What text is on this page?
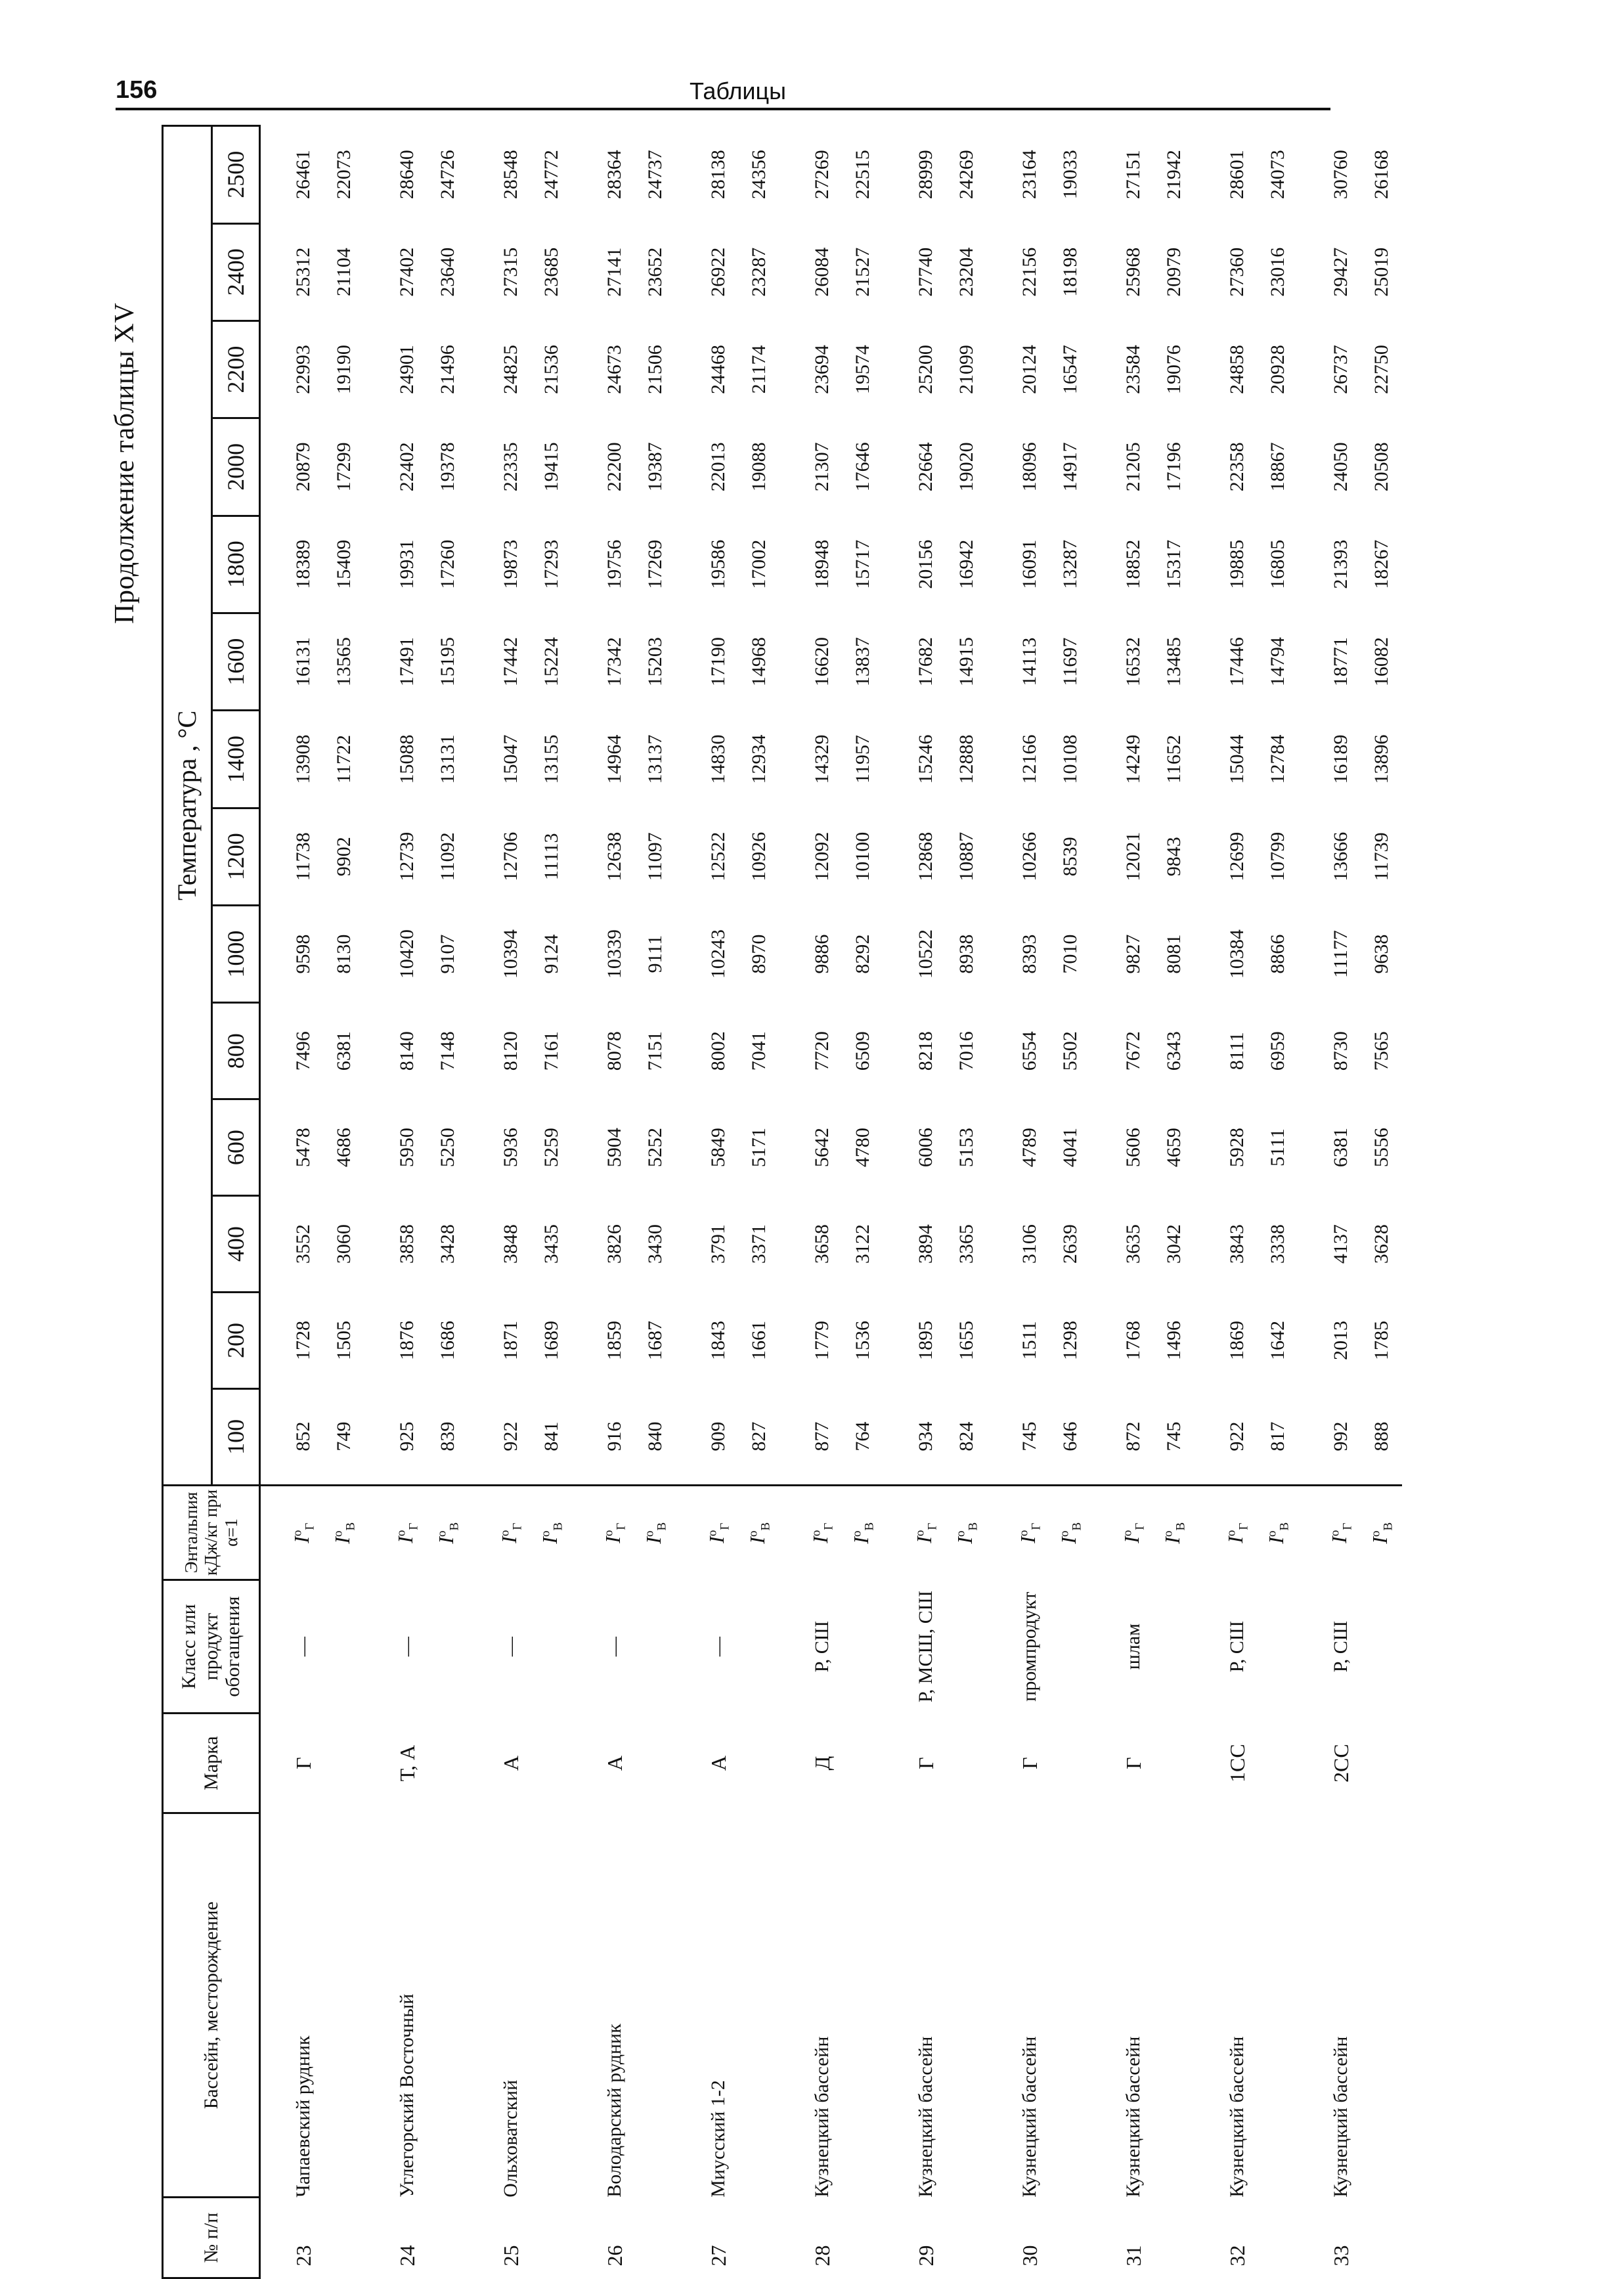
156	Таблицы
Продолжение таблицы XV
№ п/п	Бассейн, месторождение	Марка	Класс или продукт обогащения	Энтальпия кДж/кг при α=1	Температура , °C													
					100	200	400	600	800	1000	1200	1400	1600	1800	2000	2200	2400	2500
23	Чапаевский рудник	Г	—	$I^о_Г$	852	1728	3552	5478	7496	9598	11738	13908	16131	18389	20879	22993	25312	26461
				$I^о_В$	749	1505	3060	4686	6381	8130	9902	11722	13565	15409	17299	19190	21104	22073
24	Углегорский Восточный	Т, А	—	$I^о_Г$	925	1876	3858	5950	8140	10420	12739	15088	17491	19931	22402	24901	27402	28640
				$I^о_В$	839	1686	3428	5250	7148	9107	11092	13131	15195	17260	19378	21496	23640	24726
25	Ольховатский	А	—	$I^о_Г$	922	1871	3848	5936	8120	10394	12706	15047	17442	19873	22335	24825	27315	28548
				$I^о_В$	841	1689	3435	5259	7161	9124	11113	13155	15224	17293	19415	21536	23685	24772
26	Володарский рудник	А	—	$I^о_Г$	916	1859	3826	5904	8078	10339	12638	14964	17342	19756	22200	24673	27141	28364
				$I^о_В$	840	1687	3430	5252	7151	9111	11097	13137	15203	17269	19387	21506	23652	24737
27	Миусский 1-2	А	—	$I^о_Г$	909	1843	3791	5849	8002	10243	12522	14830	17190	19586	22013	24468	26922	28138
				$I^о_В$	827	1661	3371	5171	7041	8970	10926	12934	14968	17002	19088	21174	23287	24356
28	Кузнецкий бассейн	Д	Р, СШ	$I^о_Г$	877	1779	3658	5642	7720	9886	12092	14329	16620	18948	21307	23694	26084	27269
				$I^о_В$	764	1536	3122	4780	6509	8292	10100	11957	13837	15717	17646	19574	21527	22515
29	Кузнецкий бассейн	Г	Р, МСШ, СШ	$I^о_Г$	934	1895	3894	6006	8218	10522	12868	15246	17682	20156	22664	25200	27740	28999
				$I^о_В$	824	1655	3365	5153	7016	8938	10887	12888	14915	16942	19020	21099	23204	24269
30	Кузнецкий бассейн	Г	промпродукт	$I^о_Г$	745	1511	3106	4789	6554	8393	10266	12166	14113	16091	18096	20124	22156	23164
				$I^о_В$	646	1298	2639	4041	5502	7010	8539	10108	11697	13287	14917	16547	18198	19033
31	Кузнецкий бассейн	Г	шлам	$I^о_Г$	872	1768	3635	5606	7672	9827	12021	14249	16532	18852	21205	23584	25968	27151
				$I^о_В$	745	1496	3042	4659	6343	8081	9843	11652	13485	15317	17196	19076	20979	21942
32	Кузнецкий бассейн	1СС	Р, СШ	$I^о_Г$	922	1869	3843	5928	8111	10384	12699	15044	17446	19885	22358	24858	27360	28601
				$I^о_В$	817	1642	3338	5111	6959	8866	10799	12784	14794	16805	18867	20928	23016	24073
33	Кузнецкий бассейн	2СС	Р, СШ	$I^о_Г$	992	2013	4137	6381	8730	11177	13666	16189	18771	21393	24050	26737	29427	30760
				$I^о_В$	888	1785	3628	5556	7565	9638	11739	13896	16082	18267	20508	22750	25019	26168
